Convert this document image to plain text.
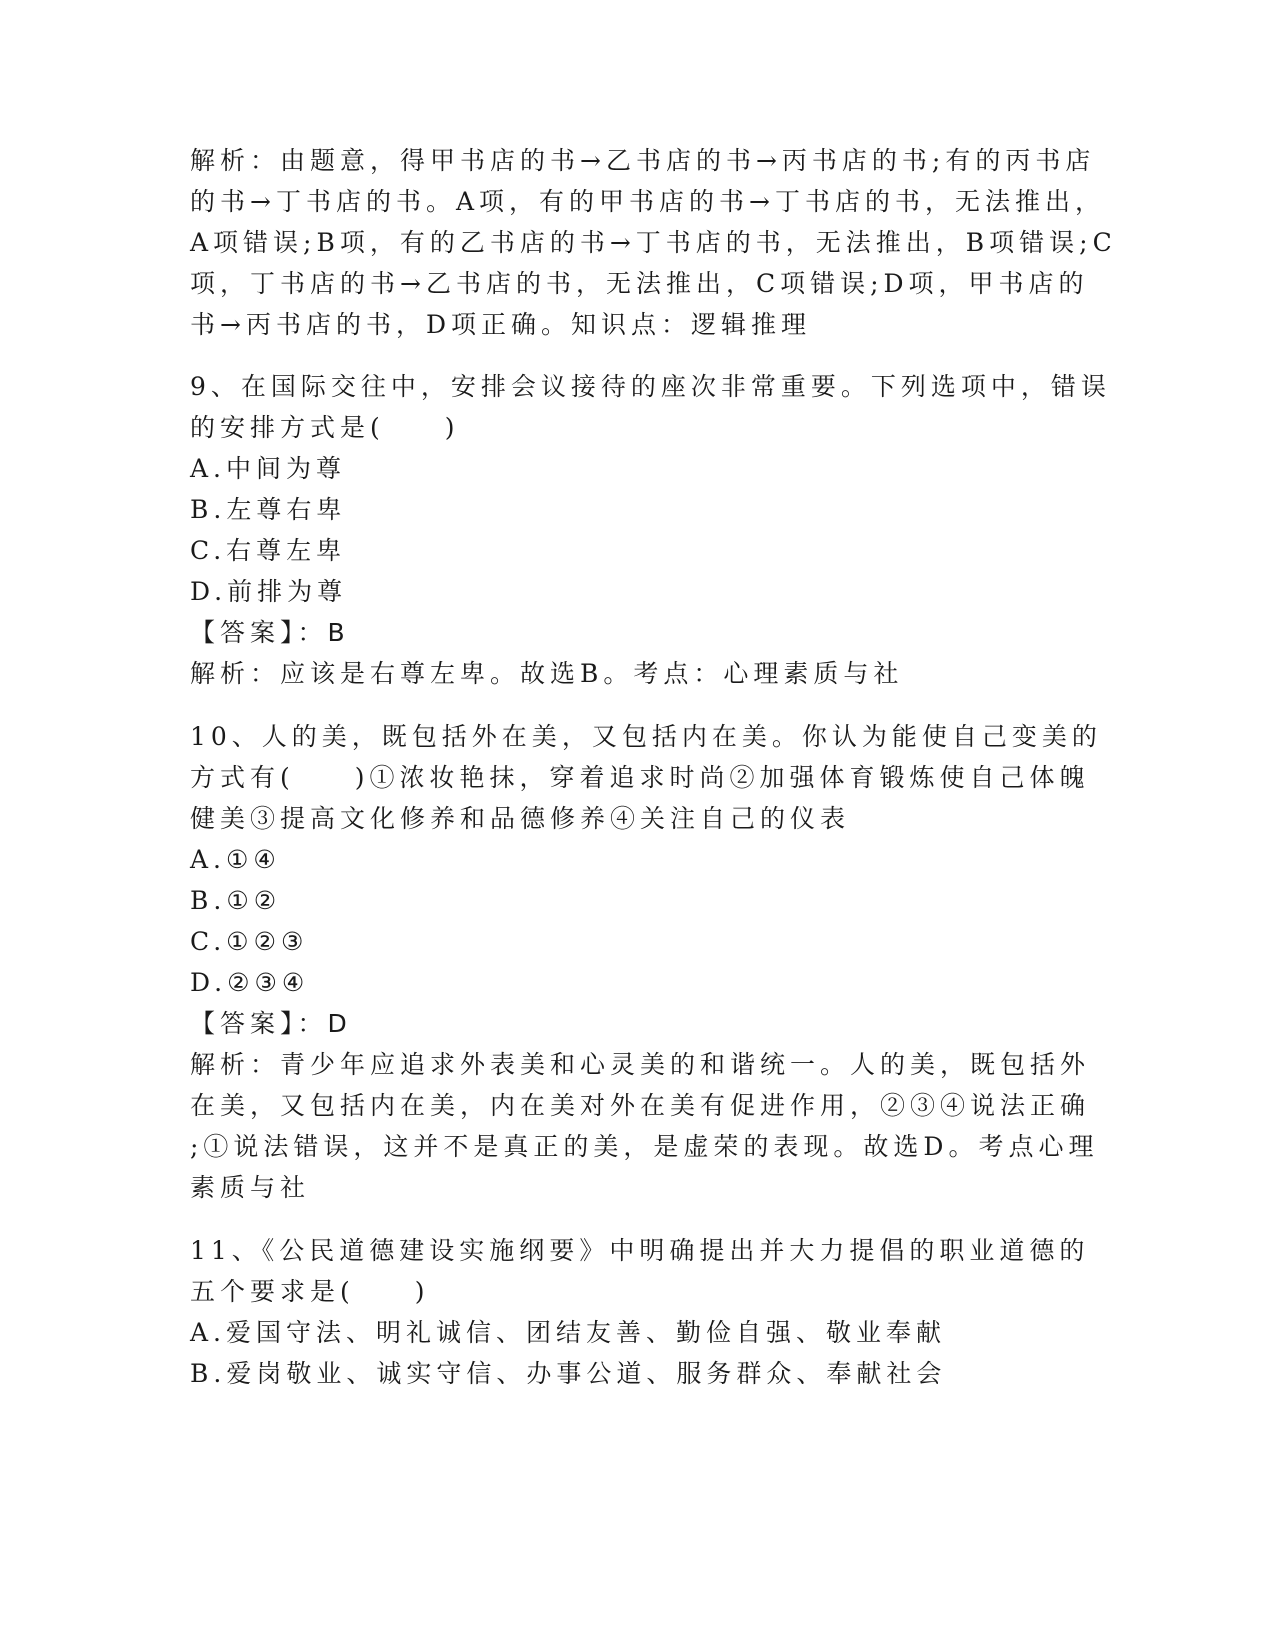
解析：由题意，得甲书店的书→乙书店的书→丙书店的书;有的丙书店
的书→丁书店的书。A项，有的甲书店的书→丁书店的书，无法推出，
A项错误;B项，有的乙书店的书→丁书店的书，无法推出，B项错误;C
项，丁书店的书→乙书店的书，无法推出，C项错误;D项，甲书店的
书→丙书店的书，D项正确。知识点：逻辑推理
9、在国际交往中，安排会议接待的座次非常重要。下列选项中，错误
的安排方式是(　　)
A.中间为尊
B.左尊右卑
C.右尊左卑
D.前排为尊
【答案】：B
解析：应该是右尊左卑。故选B。考点：心理素质与社
10、人的美，既包括外在美，又包括内在美。你认为能使自己变美的
方式有(　　)①浓妆艳抹，穿着追求时尚②加强体育锻炼使自己体魄
健美③提高文化修养和品德修养④关注自己的仪表
A.①④
B.①②
C.①②③
D.②③④
【答案】：D
解析：青少年应追求外表美和心灵美的和谐统一。人的美，既包括外
在美，又包括内在美，内在美对外在美有促进作用，②③④说法正确
;①说法错误，这并不是真正的美，是虚荣的表现。故选D。考点心理
素质与社
11、《公民道德建设实施纲要》中明确提出并大力提倡的职业道德的
五个要求是(　　)
A.爱国守法、明礼诚信、团结友善、勤俭自强、敬业奉献
B.爱岗敬业、诚实守信、办事公道、服务群众、奉献社会
